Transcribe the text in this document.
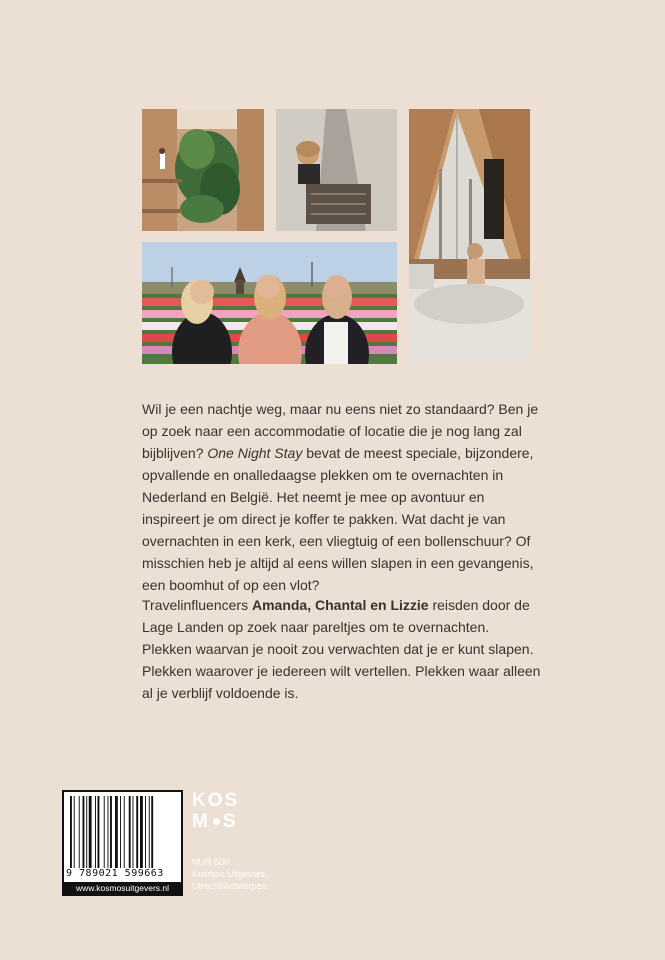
Wil je een nachtje weg, maar nu eens niet zo standaard? Ben je op zoek naar een accommodatie of locatie die je nog lang zal bijblijven? One Night Stay bevat de meest speciale, bijzondere, opvallende en onalledaagse plekken om te overnachten in Nederland en België. Het neemt je mee op avontuur en inspireert je om direct je koffer te pakken. Wat dacht je van overnachten in een kerk, een vliegtuig of een bollenschuur? Of misschien heb je altijd al eens willen slapen in een gevangenis, een boomhut of op een vlot?
Travelinfluencers Amanda, Chantal en Lizzie reisden door de Lage Landen op zoek naar pareltjes om te overnachten. Plekken waarvan je nooit zou verwachten dat je er kunt slapen. Plekken waarover je iedereen wilt vertellen. Plekken waar alleen al je verblijf voldoende is.
9 789021 599663
www.kosmosuitgevers.nl
KOS
M S
NUR 500
Kosmos Uitgevers,
Utrecht/Antwerpen
